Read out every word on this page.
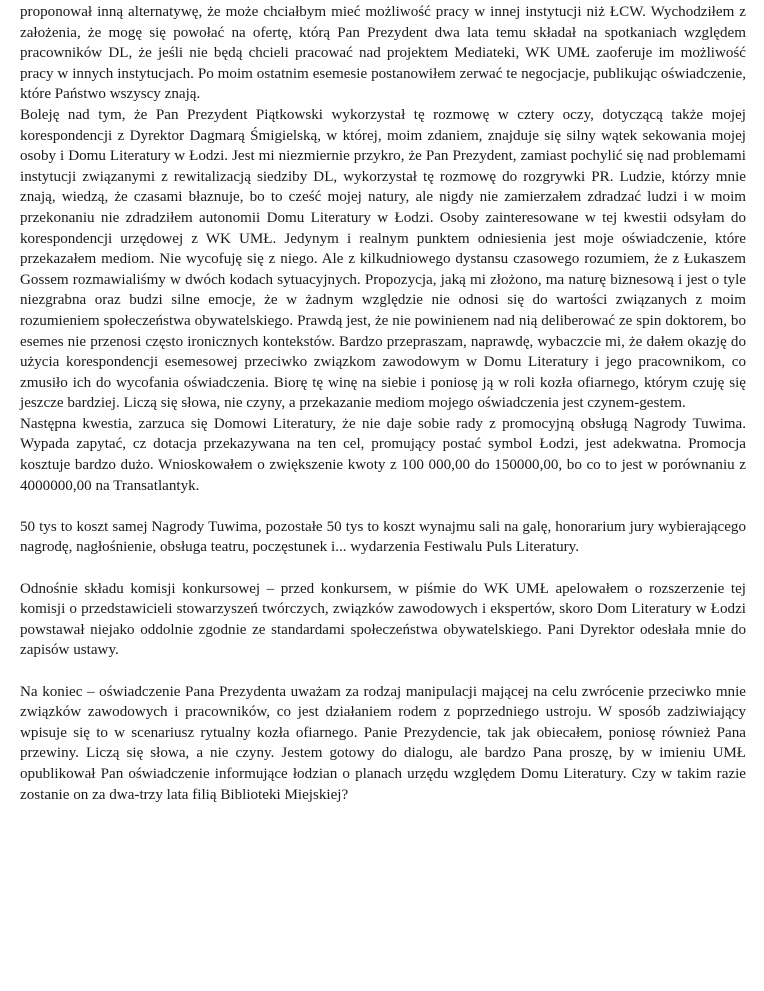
proponował inną alternatywę, że może chciałbym mieć możliwość pracy w innej instytucji niż ŁCW. Wychodziłem z założenia, że mogę się powołać na ofertę, którą Pan Prezydent dwa lata temu składał na spotkaniach względem pracowników DL, że jeśli nie będą chcieli pracować nad projektem Mediateki, WK UMŁ zaoferuje im możliwość pracy w innych instytucjach. Po moim ostatnim esemesie postanowiłem zerwać te negocjacje, publikując oświadczenie, które Państwo wszyscy znają.

Boleję nad tym, że Pan Prezydent Piątkowski wykorzystał tę rozmowę w cztery oczy, dotyczącą także mojej korespondencji z Dyrektor Dagmarą Śmigielską, w której, moim zdaniem, znajduje się silny wątek sekowania mojej osoby i Domu Literatury w Łodzi. Jest mi niezmiernie przykro, że Pan Prezydent, zamiast pochylić się nad problemami instytucji związanymi z rewitalizacją siedziby DL, wykorzystał tę rozmowę do rozgrywki PR. Ludzie, którzy mnie znają, wiedzą, że czasami błaznuje, bo to cześć mojej natury, ale nigdy nie zamierzałem zdradzać ludzi i w moim przekonaniu nie zdradziłem autonomii Domu Literatury w Łodzi. Osoby zainteresowane w tej kwestii odsyłam do korespondencji urzędowej z WK UMŁ. Jedynym i realnym punktem odniesienia jest moje oświadczenie, które przekazałem mediom. Nie wycofuję się z niego. Ale z kilkudniowego dystansu czasowego rozumiem, że z Łukaszem Gossem rozmawialiśmy w dwóch kodach sytuacyjnych. Propozycja, jaką mi złożono, ma naturę biznesową i jest o tyle niezgrabna oraz budzi silne emocje, że w żadnym względzie nie odnosi się do wartości związanych z moim rozumieniem społeczeństwa obywatelskiego. Prawdą jest, że nie powinienem nad nią deliberować ze spin doktorem, bo esemes nie przenosi często ironicznych kontekstów. Bardzo przepraszam, naprawdę, wybaczcie mi, że dałem okazję do użycia korespondencji esemesowej przeciwko związkom zawodowym w Domu Literatury i jego pracownikom, co zmusiło ich do wycofania oświadczenia. Biorę tę winę na siebie i poniosę ją w roli kozła ofiarnego, którym czuję się jeszcze bardziej. Liczą się słowa, nie czyny, a przekazanie mediom mojego oświadczenia jest czynem-gestem.

Następna kwestia, zarzuca się Domowi Literatury, że nie daje sobie rady z promocyjną obsługą Nagrody Tuwima. Wypada zapytać, cz dotacja przekazywana na ten cel, promujący postać symbol Łodzi, jest adekwatna. Promocja kosztuje bardzo dużo. Wnioskowałem o zwiększenie kwoty z 100 000,00 do 150000,00, bo co to jest w porównaniu z 4000000,00 na Transatlantyk.

50 tys to koszt samej Nagrody Tuwima, pozostałe 50 tys to koszt wynajmu sali na galę, honorarium jury wybierającego nagrodę, nagłośnienie, obsługa teatru, poczęstunek i... wydarzenia Festiwalu Puls Literatury.

Odnośnie składu komisji konkursowej – przed konkursem, w piśmie do WK UMŁ apelowałem o rozszerzenie tej komisji o przedstawicieli stowarzyszeń twórczych, związków zawodowych i ekspertów, skoro Dom Literatury w Łodzi powstawał niejako oddolnie zgodnie ze standardami społeczeństwa obywatelskiego. Pani Dyrektor odesłała mnie do zapisów ustawy.

Na koniec – oświadczenie Pana Prezydenta uważam za rodzaj manipulacji mającej na celu zwrócenie przeciwko mnie związków zawodowych i pracowników, co jest działaniem rodem z poprzedniego ustroju. W sposób zadziwiający wpisuje się to w scenariusz rytualny kozła ofiarnego. Panie Prezydencie, tak jak obiecałem, poniosę również Pana przewiny. Liczą się słowa, a nie czyny. Jestem gotowy do dialogu, ale bardzo Pana proszę, by w imieniu UMŁ opublikował Pan oświadczenie informujące łodzian o planach urzędu względem Domu Literatury. Czy w takim razie zostanie on za dwa-trzy lata filią Biblioteki Miejskiej?
